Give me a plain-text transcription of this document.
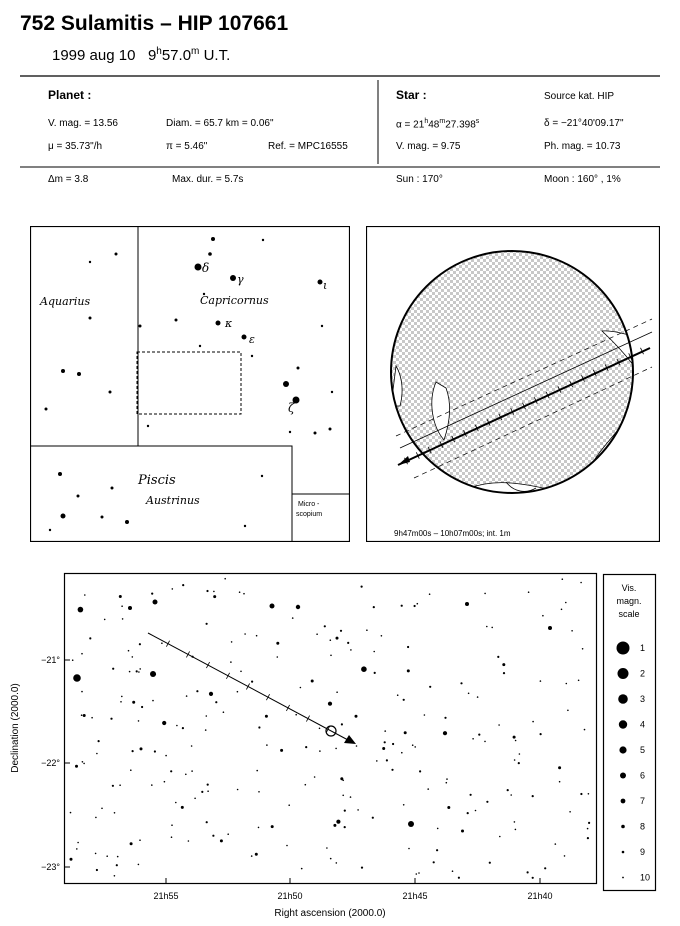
752 Sulamitis – HIP 107661
1999 aug 10 9$^h$57.0$^m$ U.T.
Planet :
V. mag. = 13.56	Diam. = 65.7 km = 0.06"
μ = 35.73"/h	π = 5.46"	Ref. = MPC16555
Δm = 3.8	Max. dur. = 5.7s
Star :	Source kat. HIP
$\alpha = 21^h48^m27.398^s$	δ = −21°40'09.17"
V. mag. = 9.75	Ph. mag. = 10.73
Sun : 170°	Moon : 160° , 1%
Aquarius	Capricornus
Piscis
Austrinus	Micro -
scopium
δ
γ	ι
κ
ε
ζ
9h47m00s – 10h07m00s; int. 1m
−21°
−22°
−23°
21h55	21h50	21h45	21h40
Right ascension (2000.0)
Declination (2000.0)
Vis.
magn.
scale
1
2
3
4
5
6
7
8
9
10
